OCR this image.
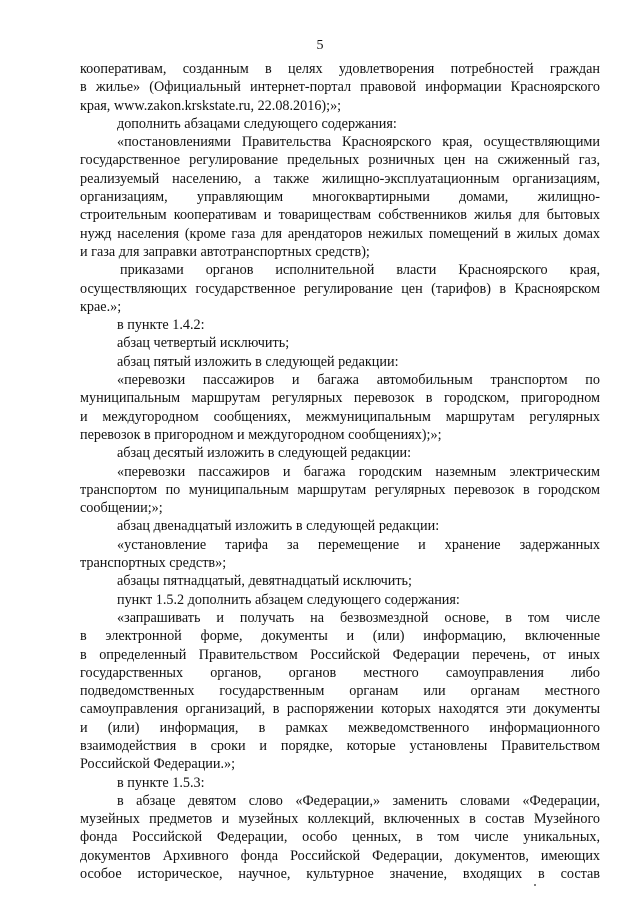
5
кооперативам, созданным в целях удовлетворения потребностей граждан
в жилье» (Официальный интернет-портал правовой информации Красноярского
края, www.zakon.krskstate.ru, 22.08.2016);»;
дополнить абзацами следующего содержания:
«постановлениями Правительства Красноярского края, осуществляющими
государственное регулирование предельных розничных цен на сжиженный газ,
реализуемый населению, а также жилищно-эксплуатационным организациям,
организациям, управляющим многоквартирными домами, жилищно-
строительным кооперативам и товариществам собственников жилья для бытовых
нужд населения (кроме газа для арендаторов нежилых помещений в жилых домах
и газа для заправки автотранспортных средств);
приказами органов исполнительной власти Красноярского края,
осуществляющих государственное регулирование цен (тарифов) в Красноярском
крае.»;
в пункте 1.4.2:
абзац четвертый исключить;
абзац пятый изложить в следующей редакции:
«перевозки пассажиров и багажа автомобильным транспортом по
муниципальным маршрутам регулярных перевозок в городском, пригородном
и междугородном сообщениях, межмуниципальным маршрутам регулярных
перевозок в пригородном и междугородном сообщениях);»;
абзац десятый изложить в следующей редакции:
«перевозки пассажиров и багажа городским наземным электрическим
транспортом по муниципальным маршрутам регулярных перевозок в городском
сообщении;»;
абзац двенадцатый изложить в следующей редакции:
«установление тарифа за перемещение и хранение задержанных
транспортных средств»;
абзацы пятнадцатый, девятнадцатый исключить;
пункт 1.5.2 дополнить абзацем следующего содержания:
«запрашивать и получать на безвозмездной основе, в том числе
в электронной форме, документы и (или) информацию, включенные
в определенный Правительством Российской Федерации перечень, от иных
государственных органов, органов местного самоуправления либо
подведомственных государственным органам или органам местного
самоуправления организаций, в распоряжении которых находятся эти документы
и (или) информация, в рамках межведомственного информационного
взаимодействия в сроки и порядке, которые установлены Правительством
Российской Федерации.»;
в пункте 1.5.3:
в абзаце девятом слово «Федерации,» заменить словами «Федерации,
музейных предметов и музейных коллекций, включенных в состав Музейного
фонда Российской Федерации, особо ценных, в том числе уникальных,
документов Архивного фонда Российской Федерации, документов, имеющих
особое историческое, научное, культурное значение, входящих в состав
